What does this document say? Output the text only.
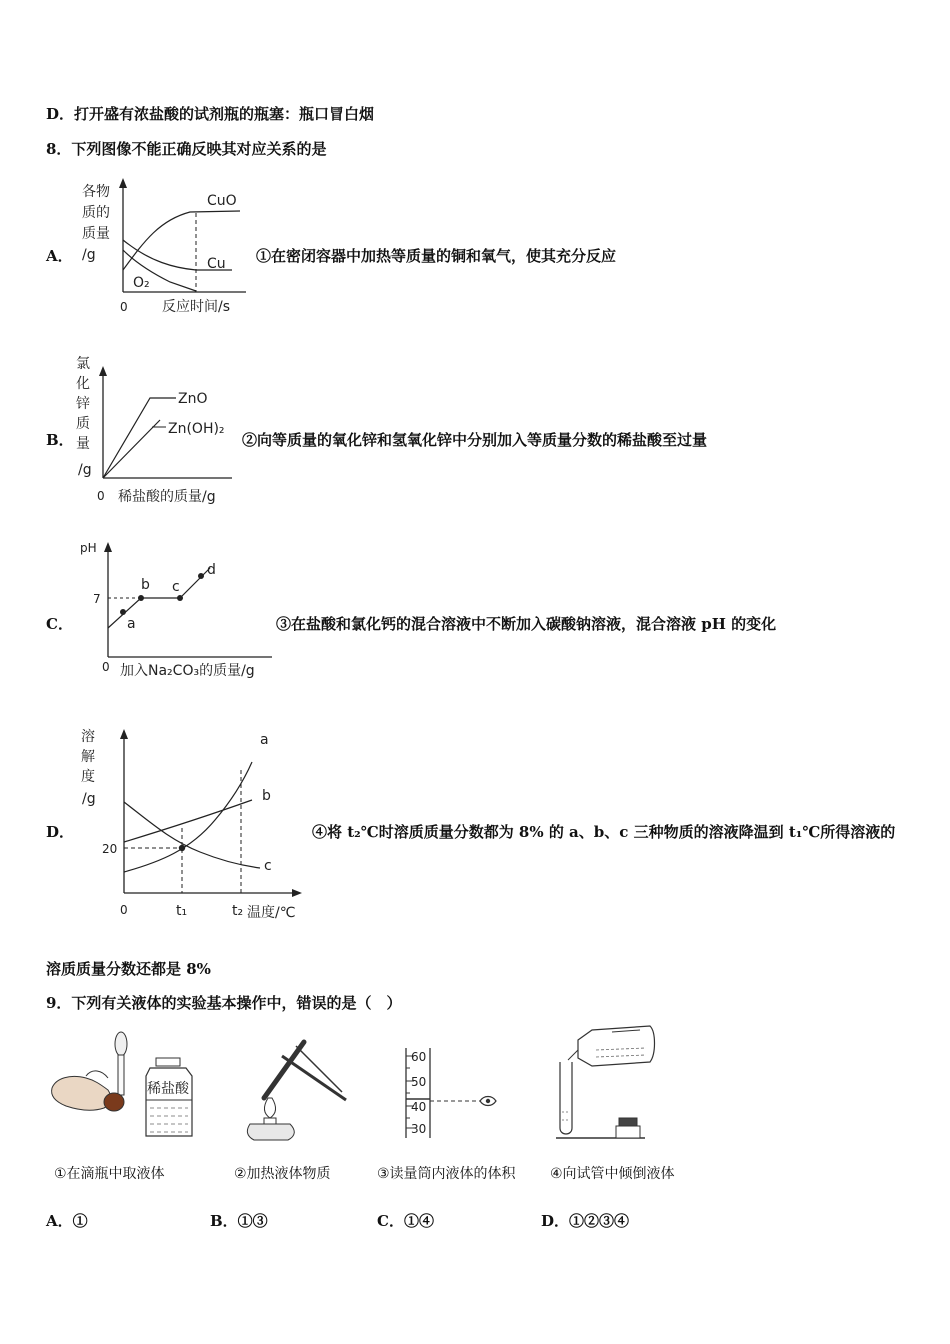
D．打开盛有浓盐酸的试剂瓶的瓶塞：瓶口冒白烟
8．下列图像不能正确反映其对应关系的是
A．
各物
质的
质量
/g
CuO
Cu
O₂
0 反应时间/s
①在密闭容器中加热等质量的铜和氧气，使其充分反应
B．
氯
化
锌
质
量
/g
ZnO
Zn(OH)₂
0 稀盐酸的质量/g
②向等质量的氧化锌和氢氧化锌中分别加入等质量分数的稀盐酸至过量
C．
pH
7
a
b c
d
0 加入Na₂CO₃的质量/g
③在盐酸和氯化钙的混合溶液中不断加入碳酸钠溶液，混合溶液 pH 的变化
D．
溶
解
度
/g
20
a
b
c
0	t₁	t₂ 温度/℃
④将 t₂℃时溶质质量分数都为 8% 的 a、b、c 三种物质的溶液降温到 t₁℃所得溶液的
溶质质量分数还都是 8%
9．下列有关液体的实验基本操作中，错误的是（　）
稀盐酸
60
50
40
30
①在滴瓶中取液体	②加热液体物质	③读量筒内液体的体积 ④向试管中倾倒液体
A．①	B．①③	C．①④	D．①②③④
